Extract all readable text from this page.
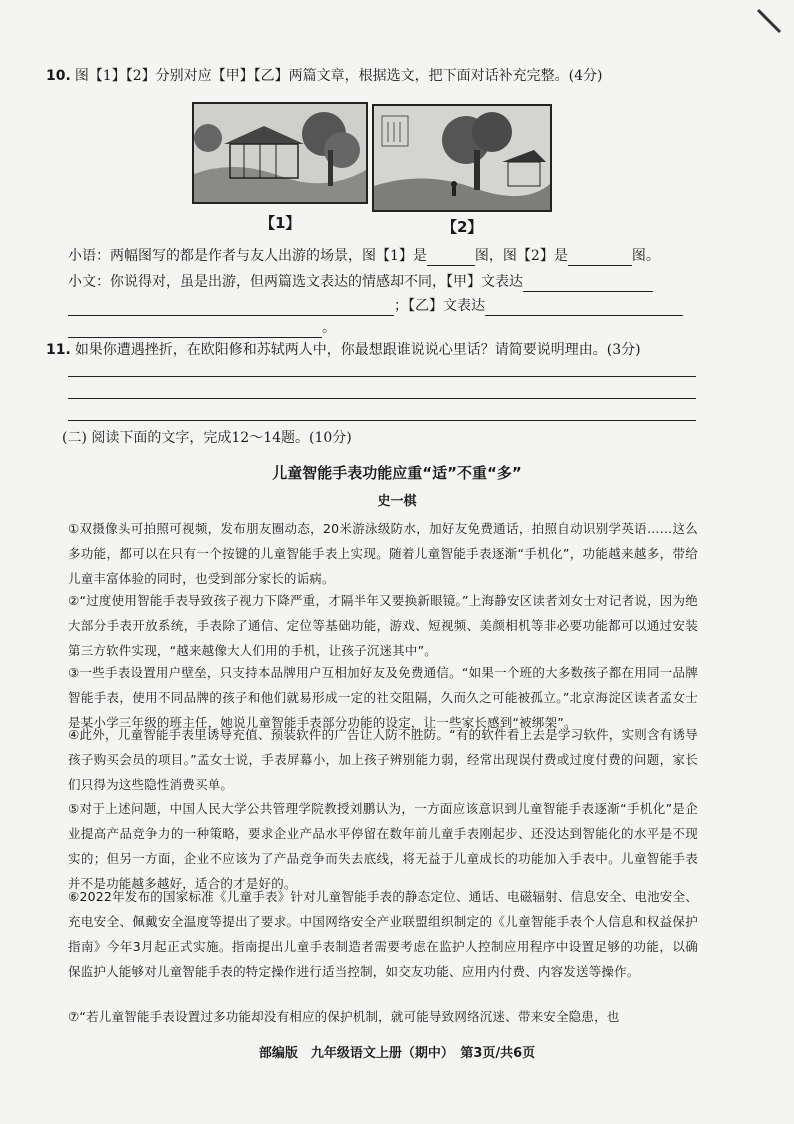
10. 图【1】【2】分别对应【甲】【乙】两篇文章，根据选文，把下面对话补充完整。(4分)
【1】	【2】
小语：两幅图写的都是作者与友人出游的场景，图【1】是	图，图【2】是	图。
小文：你说得对，虽是出游，但两篇选文表达的情感却不同，【甲】文表达
；【乙】文表达
。
11. 如果你遭遇挫折，在欧阳修和苏轼两人中，你最想跟谁说说心里话？请简要说明理由。(3分)
(二) 阅读下面的文字，完成12～14题。(10分)
儿童智能手表功能应重“适”不重“多”
史一棋
①双摄像头可拍照可视频，发布朋友圈动态，20米游泳级防水，加好友免费通话，拍照自动识别学英语……这么多功能，都可以在只有一个按键的儿童智能手表上实现。随着儿童智能手表逐渐“手机化”，功能越来越多，带给儿童丰富体验的同时，也受到部分家长的诟病。
②“过度使用智能手表导致孩子视力下降严重，才隔半年又要换新眼镜。”上海静安区读者刘女士对记者说，因为绝大部分手表开放系统，手表除了通信、定位等基础功能，游戏、短视频、美颜相机等非必要功能都可以通过安装第三方软件实现，“越来越像大人们用的手机，让孩子沉迷其中”。
③一些手表设置用户壁垒，只支持本品牌用户互相加好友及免费通信。“如果一个班的大多数孩子都在用同一品牌智能手表，使用不同品牌的孩子和他们就易形成一定的社交阻隔，久而久之可能被孤立。”北京海淀区读者孟女士是某小学三年级的班主任，她说儿童智能手表部分功能的设定，让一些家长感到“被绑架”。
④此外，儿童智能手表里诱导充值、预装软件的广告让人防不胜防。“有的软件看上去是学习软件，实则含有诱导孩子购买会员的项目。”孟女士说，手表屏幕小，加上孩子辨别能力弱，经常出现误付费或过度付费的问题，家长们只得为这些隐性消费买单。
⑤对于上述问题，中国人民大学公共管理学院教授刘鹏认为，一方面应该意识到儿童智能手表逐渐“手机化”是企业提高产品竞争力的一种策略，要求企业产品水平停留在数年前儿童手表刚起步、还没达到智能化的水平是不现实的；但另一方面，企业不应该为了产品竞争而失去底线，将无益于儿童成长的功能加入手表中。儿童智能手表并不是功能越多越好，适合的才是好的。
⑥2022年发布的国家标准《儿童手表》针对儿童智能手表的静态定位、通话、电磁辐射、信息安全、电池安全、充电安全、佩戴安全温度等提出了要求。中国网络安全产业联盟组织制定的《儿童智能手表个人信息和权益保护指南》今年3月起正式实施。指南提出儿童手表制造者需要考虑在监护人控制应用程序中设置足够的功能，以确保监护人能够对儿童智能手表的特定操作进行适当控制，如交友功能、应用内付费、内容发送等操作。
⑦“若儿童智能手表设置过多功能却没有相应的保护机制，就可能导致网络沉迷、带来安全隐患，也
部编版　九年级语文上册（期中）　第3页/共6页
